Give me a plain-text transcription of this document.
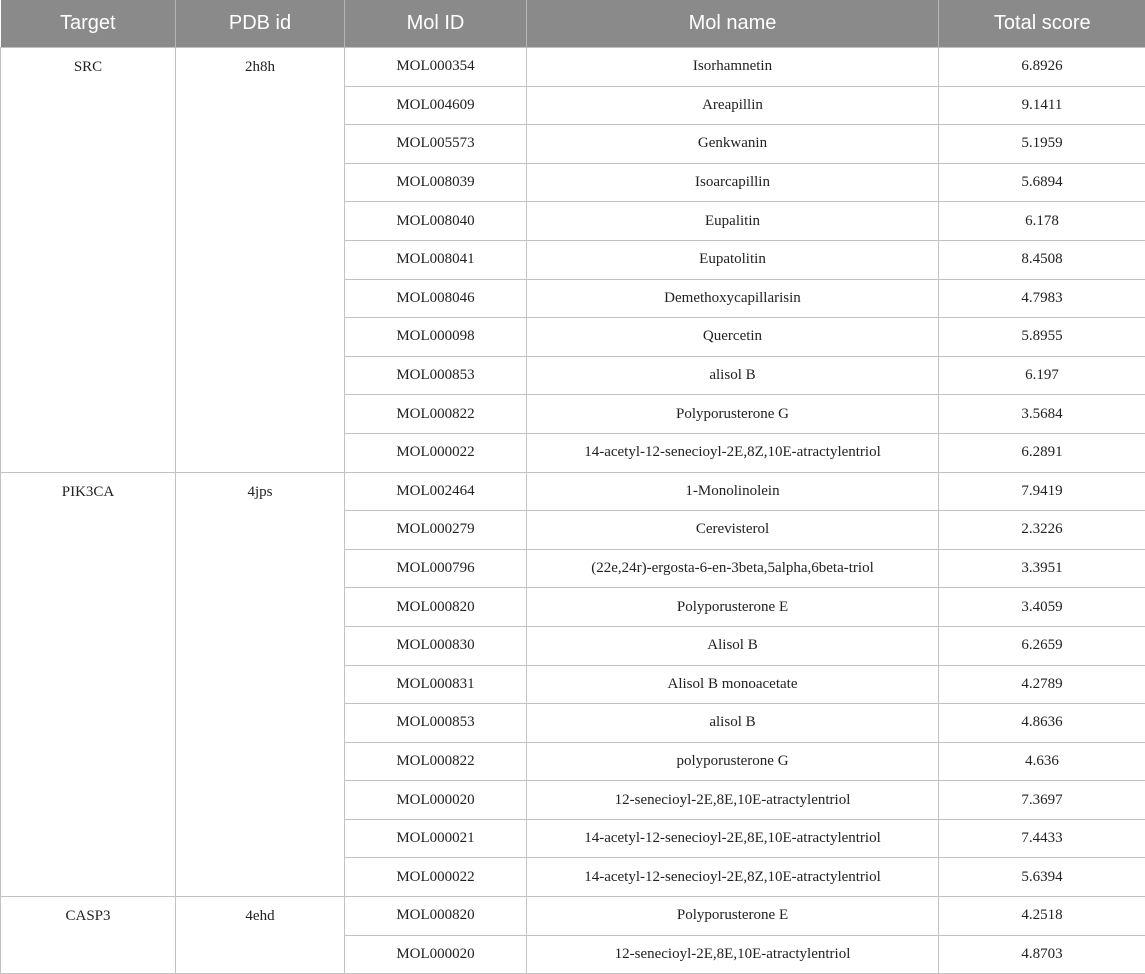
Target	PDB id	Mol ID	Mol name	Total score
SRC	2h8h	MOL000354	Isorhamnetin	6.8926
		MOL004609	Areapillin	9.1411
		MOL005573	Genkwanin	5.1959
		MOL008039	Isoarcapillin	5.6894
		MOL008040	Eupalitin	6.178
		MOL008041	Eupatolitin	8.4508
		MOL008046	Demethoxycapillarisin	4.7983
		MOL000098	Quercetin	5.8955
		MOL000853	alisol B	6.197
		MOL000822	Polyporusterone G	3.5684
		MOL000022	14-acetyl-12-senecioyl-2E,8Z,10E-atractylentriol	6.2891
PIK3CA	4jps	MOL002464	1-Monolinolein	7.9419
		MOL000279	Cerevisterol	2.3226
		MOL000796	(22e,24r)-ergosta-6-en-3beta,5alpha,6beta-triol	3.3951
		MOL000820	Polyporusterone E	3.4059
		MOL000830	Alisol B	6.2659
		MOL000831	Alisol B monoacetate	4.2789
		MOL000853	alisol B	4.8636
		MOL000822	polyporusterone G	4.636
		MOL000020	12-senecioyl-2E,8E,10E-atractylentriol	7.3697
		MOL000021	14-acetyl-12-senecioyl-2E,8E,10E-atractylentriol	7.4433
		MOL000022	14-acetyl-12-senecioyl-2E,8Z,10E-atractylentriol	5.6394
CASP3	4ehd	MOL000820	Polyporusterone E	4.2518
		MOL000020	12-senecioyl-2E,8E,10E-atractylentriol	4.8703
